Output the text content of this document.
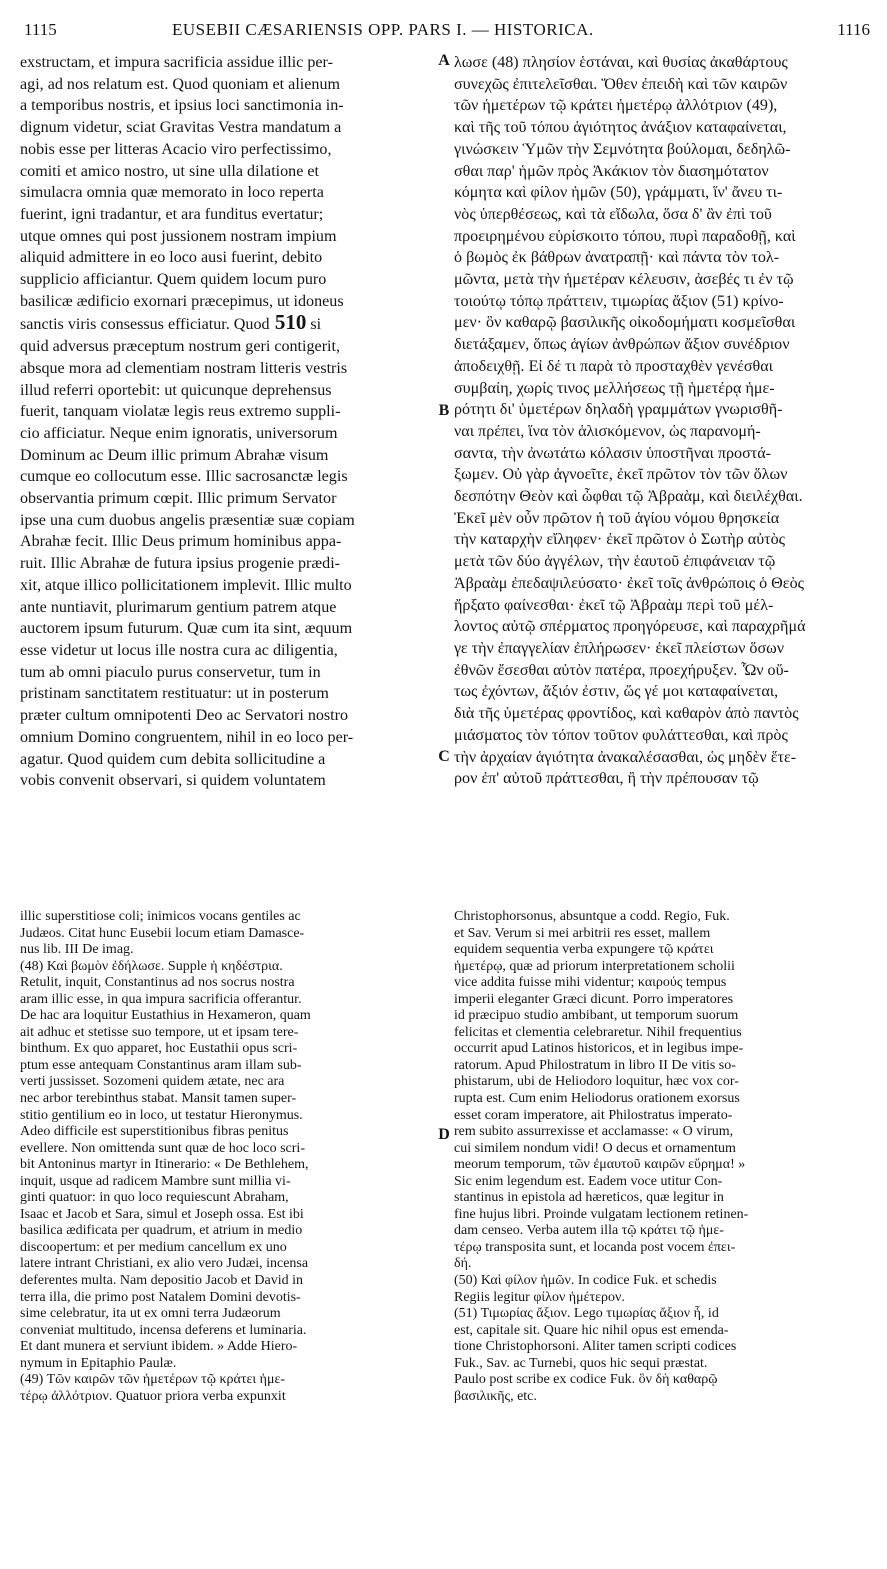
1115	EUSEBII CÆSARIENSIS OPP. PARS I. — HISTORICA.	1116

exstructam, et impura sacrificia assidue illic per-

agi, ad nos relatum est. Quod quoniam et alienum

a temporibus nostris, et ipsius loci sanctimonia in-

dignum videtur, sciat Gravitas Vestra mandatum a

nobis esse per litteras Acacio viro perfectissimo,

comiti et amico nostro, ut sine ulla dilatione et

simulacra omnia quæ memorato in loco reperta

fuerint, igni tradantur, et ara funditus evertatur;

utque omnes qui post jussionem nostram impium

aliquid admittere in eo loco ausi fuerint, debito

supplicio afficiantur. Quem quidem locum puro

basilicæ ædificio exornari præcepimus, ut idoneus

sanctis viris consessus efficiatur. Quod 510 si

quid adversus præceptum nostrum geri contigerit,

absque mora ad clementiam nostram litteris vestris

illud referri oportebit: ut quicunque deprehensus

fuerit, tanquam violatæ legis reus extremo suppli-

cio afficiatur. Neque enim ignoratis, universorum

Dominum ac Deum illic primum Abrahæ visum

cumque eo collocutum esse. Illic sacrosanctæ legis

observantia primum cœpit. Illic primum Servator

ipse una cum duobus angelis præsentiæ suæ copiam

Abrahæ fecit. Illic Deus primum hominibus appa-

ruit. Illic Abrahæ de futura ipsius progenie prædi-

xit, atque illico pollicitationem implevit. Illic multo

ante nuntiavit, plurimarum gentium patrem atque

auctorem ipsum futurum. Quæ cum ita sint, æquum

esse videtur ut locus ille nostra cura ac diligentia,

tum ab omni piaculo purus conservetur, tum in

pristinam sanctitatem restituatur: ut in posterum

præter cultum omnipotenti Deo ac Servatori nostro

omnium Domino congruentem, nihil in eo loco per-

agatur. Quod quidem cum debita sollicitudine a

vobis convenit observari, si quidem voluntatem

λωσε (48) πλησίον ἑστάναι, καὶ θυσίας ἀκαθάρτους

συνεχῶς ἐπιτελεῖσθαι. Ὅθεν ἐπειδὴ καὶ τῶν καιρῶν

τῶν ἡμετέρων τῷ κράτει ἡμετέρῳ ἀλλότριον (49),

καὶ τῆς τοῦ τόπου ἁγιότητος ἀνάξιον καταφαίνεται,

γινώσκειν Ὑμῶν τὴν Σεμνότητα βούλομαι, δεδηλῶ-

σθαι παρ' ἡμῶν πρὸς Ἀκάκιον τὸν διασημότατον

κόμητα καὶ φίλον ἡμῶν (50), γράμματι, ἵν' ἄνευ τι-

νὸς ὑπερθέσεως, καὶ τὰ εἴδωλα, ὅσα δ' ἂν ἐπὶ τοῦ

προειρημένου εὑρίσκοιτο τόπου, πυρὶ παραδοθῇ, καὶ

ὁ βωμὸς ἐκ βάθρων ἀνατραπῇ· καὶ πάντα τὸν τολ-

μῶντα, μετὰ τὴν ἡμετέραν κέλευσιν, ἀσεβές τι ἐν τῷ

τοιούτῳ τόπῳ πράττειν, τιμωρίας ἄξιον (51) κρίνο-

μεν· ὃν καθαρῷ βασιλικῆς οἰκοδομήματι κοσμεῖσθαι

διετάξαμεν, ὅπως ἁγίων ἀνθρώπων ἄξιον συνέδριον

ἀποδειχθῇ. Εἰ δέ τι παρὰ τὸ προσταχθὲν γενέσθαι

συμβαίη, χωρίς τινος μελλήσεως τῇ ἡμετέρᾳ ἡμε-

ρότητι δι' ὑμετέρων δηλαδὴ γραμμάτων γνωρισθῆ-

ναι πρέπει, ἵνα τὸν ἁλισκόμενον, ὡς παρανομή-

σαντα, τὴν ἀνωτάτω κόλασιν ὑποστῆναι προστά-

ξωμεν. Οὐ γὰρ ἀγνοεῖτε, ἐκεῖ πρῶτον τὸν τῶν ὅλων

δεσπότην Θεὸν καὶ ὦφθαι τῷ Ἀβραὰμ, καὶ διειλέχθαι.

Ἐκεῖ μὲν οὖν πρῶτον ἡ τοῦ ἁγίου νόμου θρησκεία

τὴν καταρχὴν εἴληφεν· ἐκεῖ πρῶτον ὁ Σωτὴρ αὐτὸς

μετὰ τῶν δύο ἀγγέλων, τὴν ἑαυτοῦ ἐπιφάνειαν τῷ

Ἀβραὰμ ἐπεδαψιλεύσατο· ἐκεῖ τοῖς ἀνθρώποις ὁ Θεὸς

ἤρξατο φαίνεσθαι· ἐκεῖ τῷ Ἀβραὰμ περὶ τοῦ μέλ-

λοντος αὐτῷ σπέρματος προηγόρευσε, καὶ παραχρῆμά

γε τὴν ἐπαγγελίαν ἐπλήρωσεν· ἐκεῖ πλείστων ὅσων

ἐθνῶν ἔσεσθαι αὐτὸν πατέρα, προεχήρυξεν. Ὧν οὕ-

τως ἐχόντων, ἄξιόν ἐστιν, ὥς γέ μοι καταφαίνεται,

διὰ τῆς ὑμετέρας φροντίδος, καὶ καθαρὸν ἀπὸ παντὸς

μιάσματος τὸν τόπον τοῦτον φυλάττεσθαι, καὶ πρὸς

τὴν ἀρχαίαν ἁγιότητα ἀνακαλέσασθαι, ὡς μηδὲν ἕτε-

ρον ἐπ' αὐτοῦ πράττεσθαι, ἢ τὴν πρέπουσαν τῷ

illic superstitiose coli; inimicos vocans gentiles ac

Judæos. Citat hunc Eusebii locum etiam Damasce-

nus lib. III De imag.

(48) Καὶ βωμὸν ἐδήλωσε. Supple ἡ κηδέστρια.

Retulit, inquit, Constantinus ad nos socrus nostra

aram illic esse, in qua impura sacrificia offerantur.

De hac ara loquitur Eustathius in Hexameron, quam

ait adhuc et stetisse suo tempore, ut et ipsam tere-

binthum. Ex quo apparet, hoc Eustathii opus scri-

ptum esse antequam Constantinus aram illam sub-

verti jussisset. Sozomeni quidem ætate, nec ara

nec arbor terebinthus stabat. Mansit tamen super-

stitio gentilium eo in loco, ut testatur Hieronymus.

Adeo difficile est superstitionibus fibras penitus

evellere. Non omittenda sunt quæ de hoc loco scri-

bit Antoninus martyr in Itinerario: « De Bethlehem,

inquit, usque ad radicem Mambre sunt millia vi-

ginti quatuor: in quo loco requiescunt Abraham,

Isaac et Jacob et Sara, simul et Joseph ossa. Est ibi

basilica ædificata per quadrum, et atrium in medio

discoopertum: et per medium cancellum ex uno

latere intrant Christiani, ex alio vero Judæi, incensa

deferentes multa. Nam depositio Jacob et David in

terra illa, die primo post Natalem Domini devotis-

sime celebratur, ita ut ex omni terra Judæorum

conveniat multitudo, incensa deferens et luminaria.

Et dant munera et serviunt ibidem. » Adde Hiero-

nymum in Epitaphio Paulæ.

(49) Τῶν καιρῶν τῶν ἡμετέρων τῷ κράτει ἡμε-

τέρῳ ἀλλότριον. Quatuor priora verba expunxit

Christophorsonus, absuntque a codd. Regio, Fuk.

et Sav. Verum si mei arbitrii res esset, mallem

equidem sequentia verba expungere τῷ κράτει

ἡμετέρῳ, quæ ad priorum interpretationem scholii

vice addita fuisse mihi videntur; καιρούς tempus

imperii eleganter Græci dicunt. Porro imperatores

id præcipuo studio ambibant, ut temporum suorum

felicitas et clementia celebraretur. Nihil frequentius

occurrit apud Latinos historicos, et in legibus impe-

ratorum. Apud Philostratum in libro II De vitis so-

phistarum, ubi de Heliodoro loquitur, hæc vox cor-

rupta est. Cum enim Heliodorus orationem exorsus

esset coram imperatore, ait Philostratus imperato-

rem subito assurrexisse et acclamasse: « O virum,

cui similem nondum vidi! O decus et ornamentum

meorum temporum, τῶν ἐμαυτοῦ καιρῶν εὕρημα! »

Sic enim legendum est. Eadem voce utitur Con-

stantinus in epistola ad hæreticos, quæ legitur in

fine hujus libri. Proinde vulgatam lectionem retinen-

dam censeo. Verba autem illa τῷ κράτει τῷ ἡμε-

τέρῳ transposita sunt, et locanda post vocem ἐπει-

δή.

(50) Καὶ φίλον ἡμῶν. In codice Fuk. et schedis

Regiis legitur φίλον ἡμέτερον.

(51) Τιμωρίας ἄξιον. Lego τιμωρίας ἄξιον ἦ, id

est, capitale sit. Quare hic nihil opus est emenda-

tione Christophorsoni. Aliter tamen scripti codices

Fuk., Sav. ac Turnebi, quos hic sequi præstat.

Paulo post scribe ex codice Fuk. ὃν δὴ καθαρῷ

βασιλικῆς, etc.

A
B
C
D
